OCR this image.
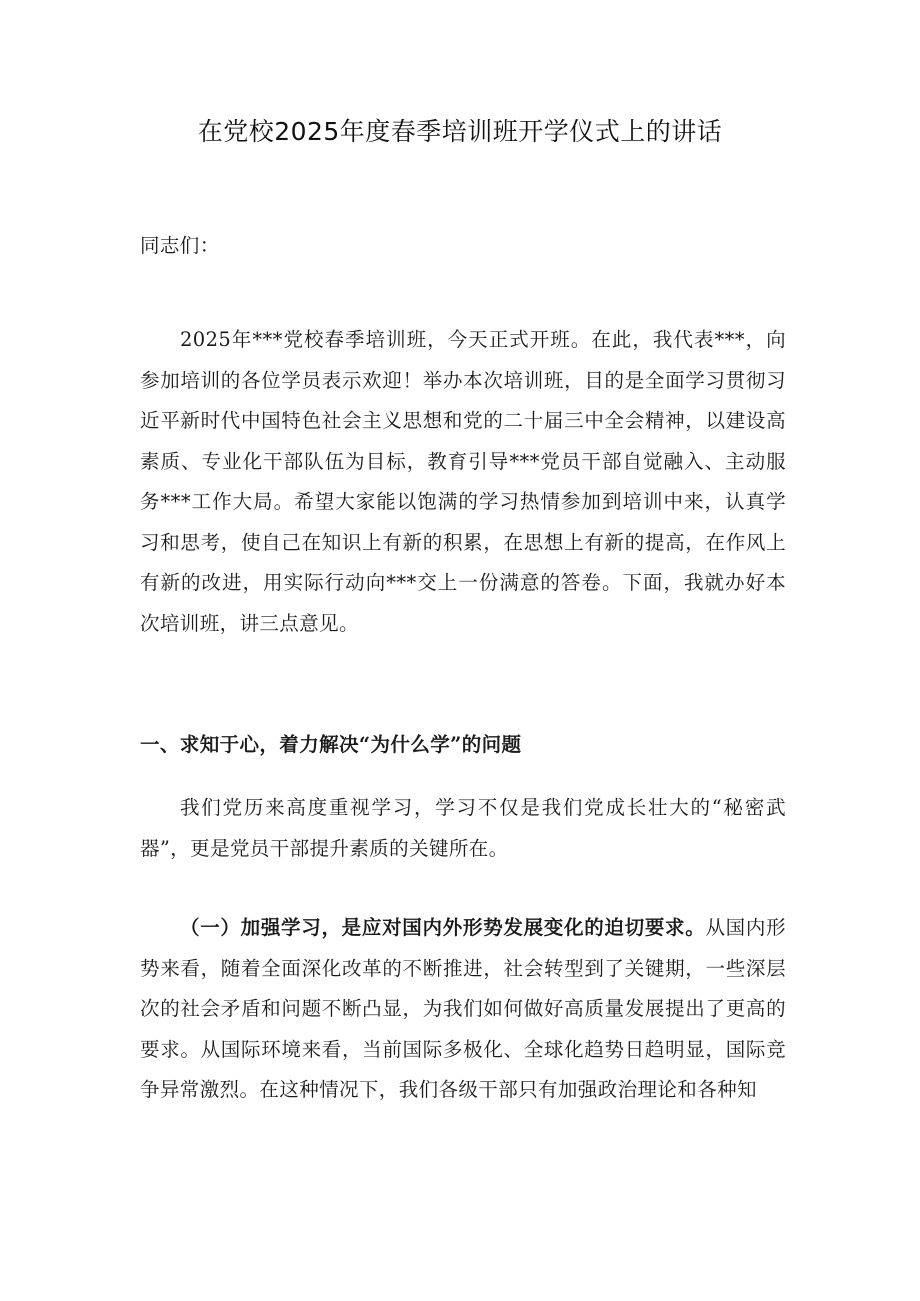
在党校2025年度春季培训班开学仪式上的讲话

同志们：

2025年***党校春季培训班，今天正式开班。在此，我代表***，向参加培训的各位学员表示欢迎！举办本次培训班，目的是全面学习贯彻习近平新时代中国特色社会主义思想和党的二十届三中全会精神，以建设高素质、专业化干部队伍为目标，教育引导***党员干部自觉融入、主动服务***工作大局。希望大家能以饱满的学习热情参加到培训中来，认真学习和思考，使自己在知识上有新的积累，在思想上有新的提高，在作风上有新的改进，用实际行动向***交上一份满意的答卷。下面，我就办好本次培训班，讲三点意见。

一、求知于心，着力解决“为什么学”的问题

我们党历来高度重视学习，学习不仅是我们党成长壮大的“秘密武器”，更是党员干部提升素质的关键所在。

（一）加强学习，是应对国内外形势发展变化的迫切要求。从国内形势来看，随着全面深化改革的不断推进，社会转型到了关键期，一些深层次的社会矛盾和问题不断凸显，为我们如何做好高质量发展提出了更高的要求。从国际环境来看，当前国际多极化、全球化趋势日趋明显，国际竞争异常激烈。在这种情况下，我们各级干部只有加强政治理论和各种知
